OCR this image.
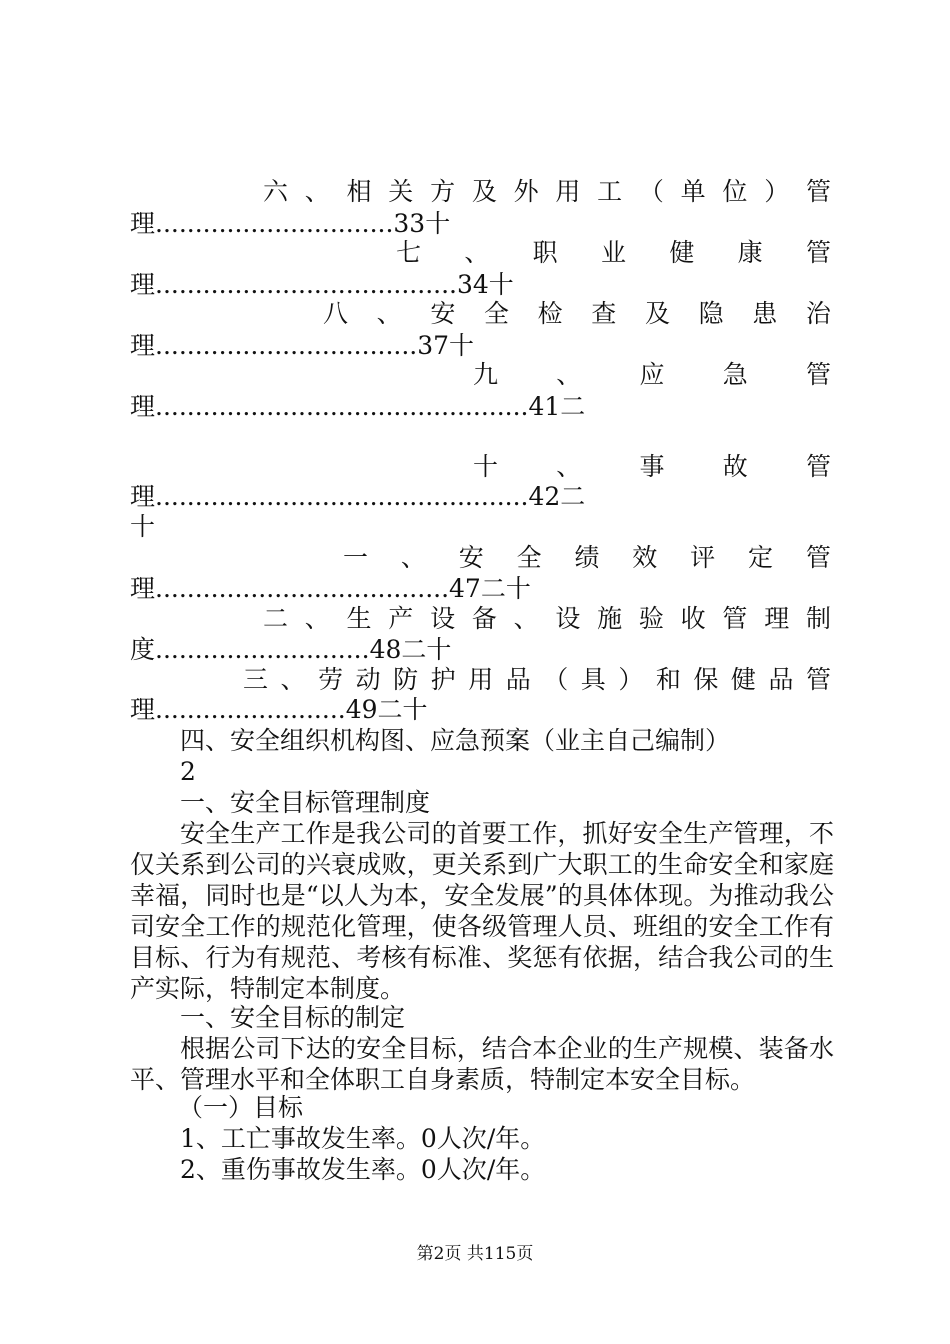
六 、 相 关 方 及 外 用 工 （ 单 位 ） 管
理..............................33十
七 、 职 业 健 康 管
理......................................34十
八 、 安 全 检 查 及 隐 患 治
理.................................37十
九 、 应 急 管
理...............................................41二
十 、 事 故 管
理...............................................42二
十
一 、 安 全 绩 效 评 定 管
理.....................................47二十
二 、 生 产 设 备 、 设 施 验 收 管 理 制
度...........................48二十
三 、 劳 动 防 护 用 品 （ 具 ） 和 保 健 品 管
理........................49二十
四、安全组织机构图、应急预案（业主自己编制）
2
一、安全目标管理制度

安全生产工作是我公司的首要工作，抓好安全生产管理，不仅关系到公司的兴衰成败，更关系到广大职工的生命安全和家庭幸福，同时也是“以人为本，安全发展”的具体体现。为推动我公司安全工作的规范化管理，使各级管理人员、班组的安全工作有目标、行为有规范、考核有标准、奖惩有依据，结合我公司的生产实际，特制定本制度。

一、安全目标的制定

根据公司下达的安全目标，结合本企业的生产规模、装备水平、管理水平和全体职工自身素质，特制定本安全目标。

（一）目标
1、工亡事故发生率。0人次/年。
2、重伤事故发生率。0人次/年。
第2页 共115页
